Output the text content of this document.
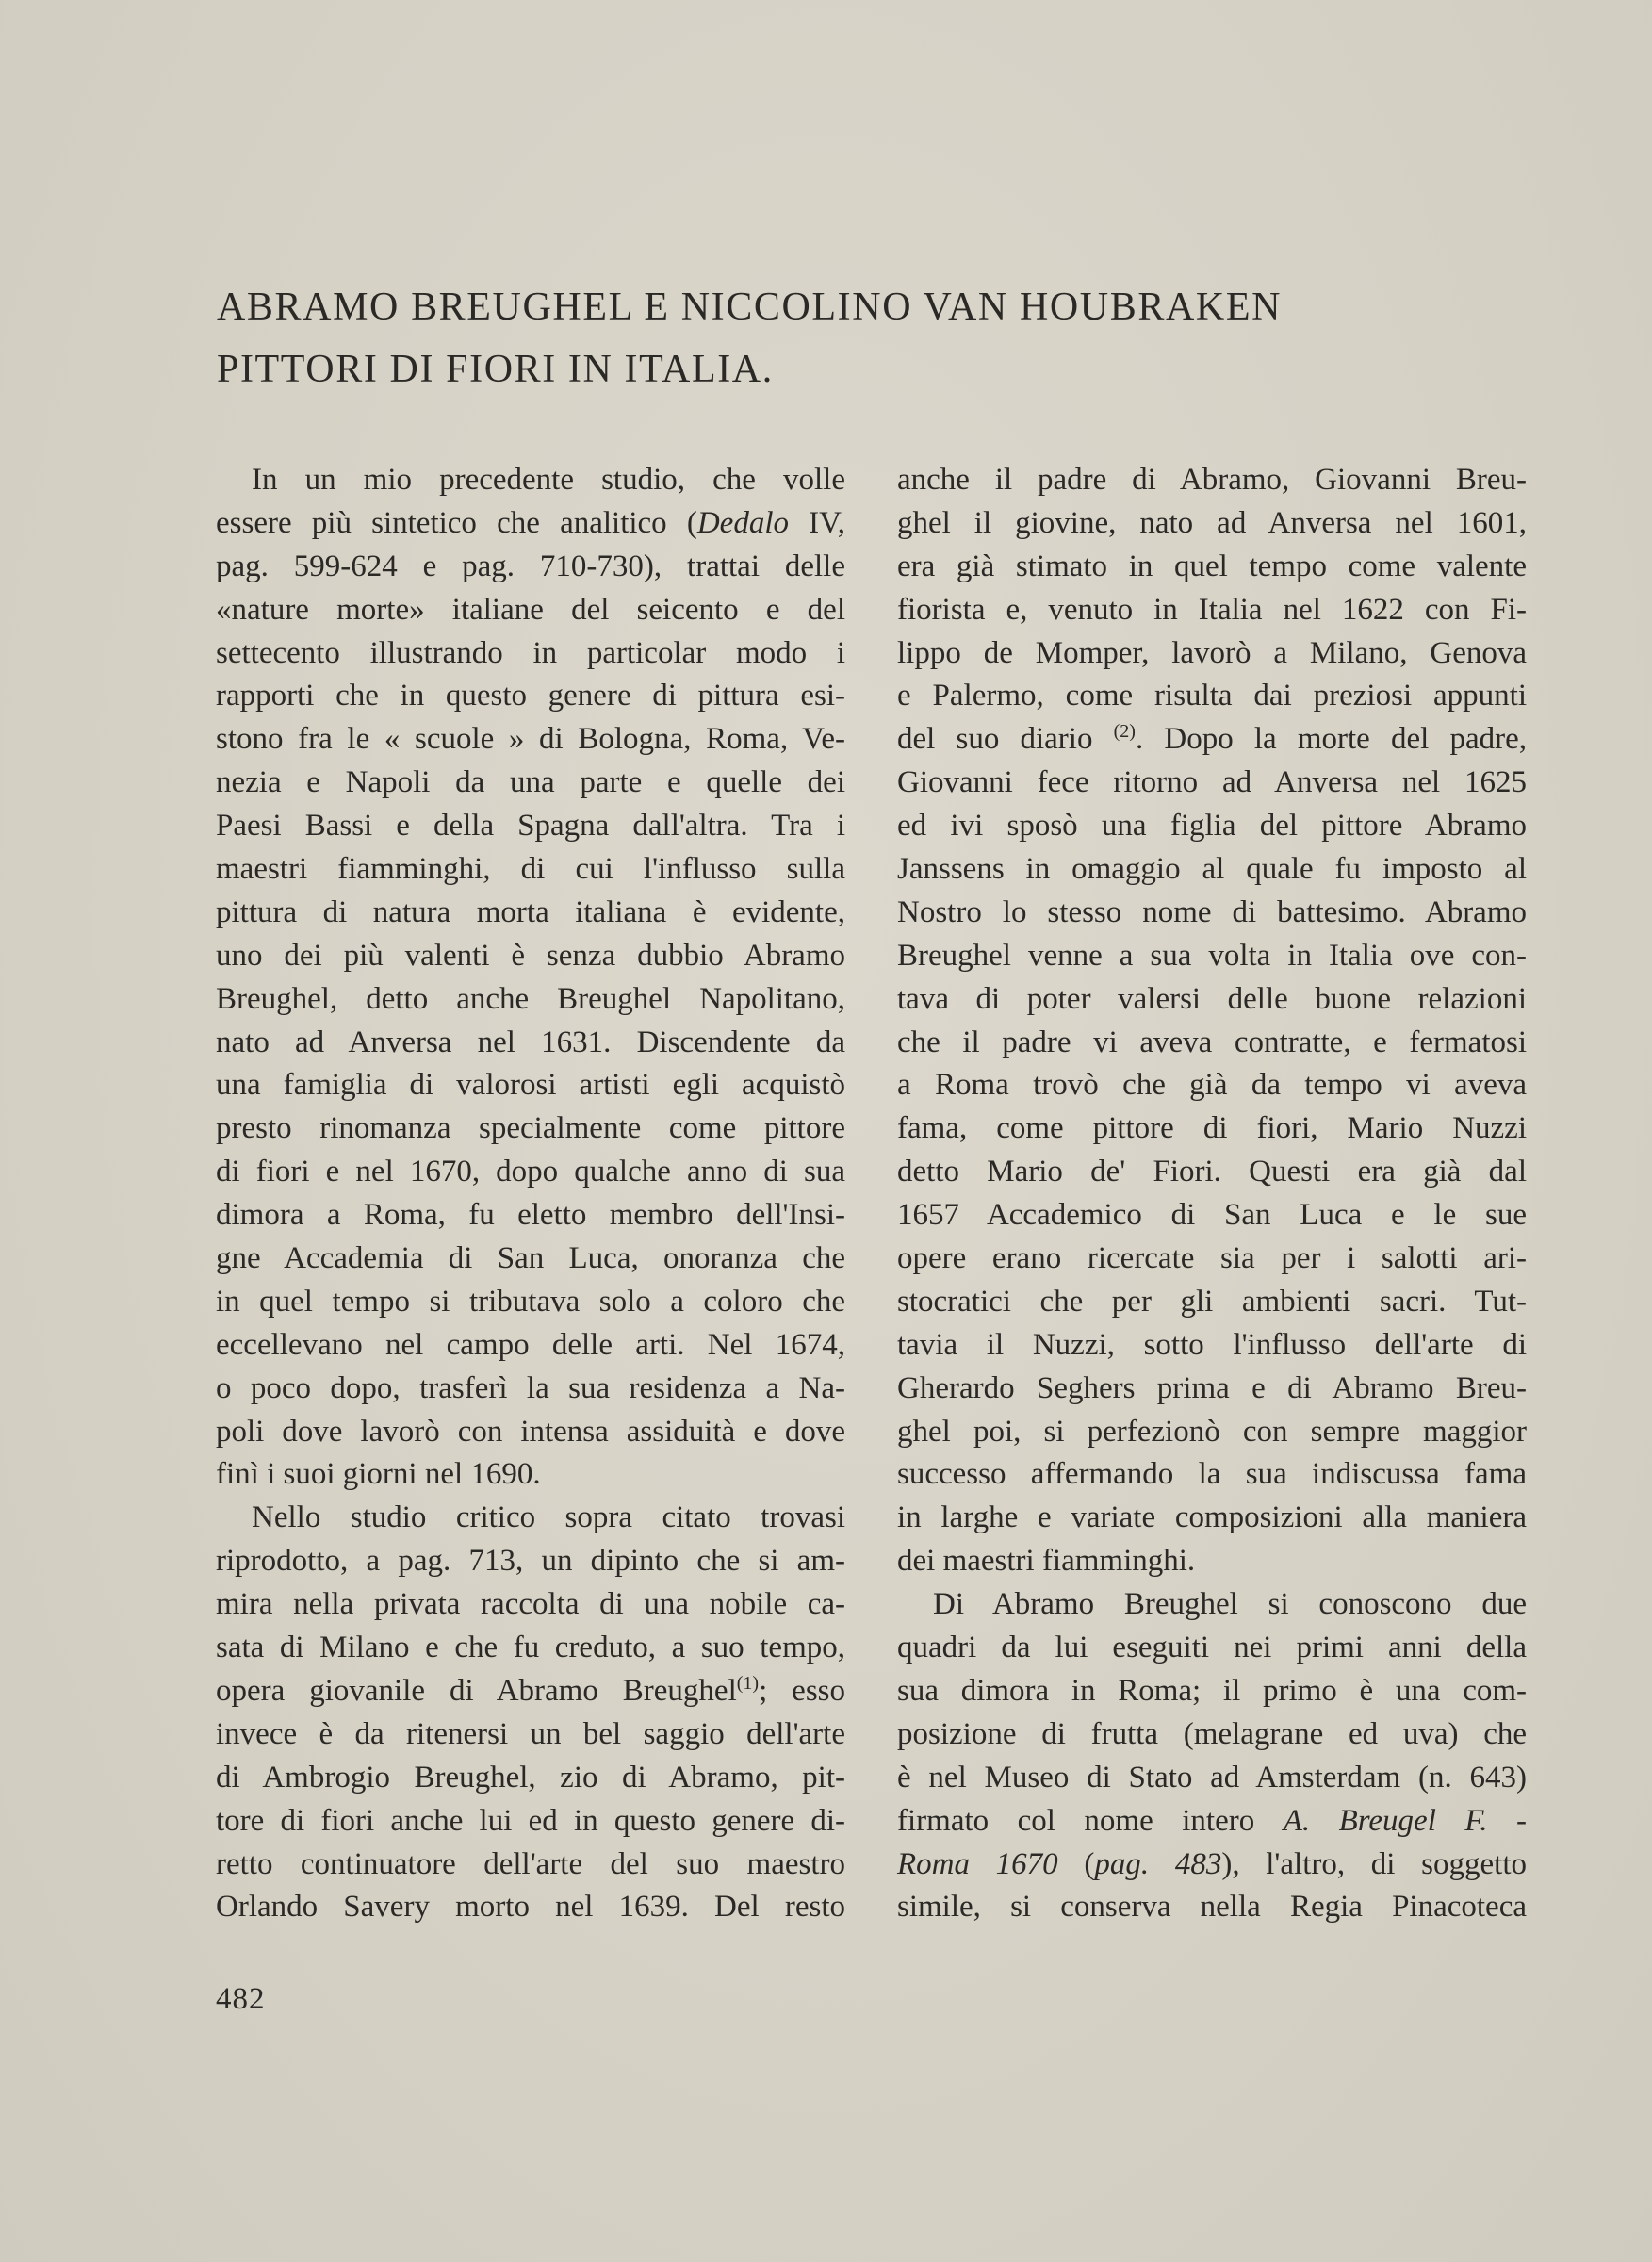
ABRAMO BREUGHEL E NICCOLINO VAN HOUBRAKEN
PITTORI DI FIORI IN ITALIA.
In un mio precedente studio, che volle
essere più sintetico che analitico (Dedalo IV,
pag. 599-624 e pag. 710-730), trattai delle
«nature morte» italiane del seicento e del
settecento illustrando in particolar modo i
rapporti che in questo genere di pittura esi-
stono fra le « scuole » di Bologna, Roma, Ve-
nezia e Napoli da una parte e quelle dei
Paesi Bassi e della Spagna dall'altra. Tra i
maestri fiamminghi, di cui l'influsso sulla
pittura di natura morta italiana è evidente,
uno dei più valenti è senza dubbio Abramo
Breughel, detto anche Breughel Napolitano,
nato ad Anversa nel 1631. Discendente da
una famiglia di valorosi artisti egli acquistò
presto rinomanza specialmente come pittore
di fiori e nel 1670, dopo qualche anno di sua
dimora a Roma, fu eletto membro dell'Insi-
gne Accademia di San Luca, onoranza che
in quel tempo si tributava solo a coloro che
eccellevano nel campo delle arti. Nel 1674,
o poco dopo, trasferì la sua residenza a Na-
poli dove lavorò con intensa assiduità e dove
finì i suoi giorni nel 1690.
Nello studio critico sopra citato trovasi
riprodotto, a pag. 713, un dipinto che si am-
mira nella privata raccolta di una nobile ca-
sata di Milano e che fu creduto, a suo tempo,
opera giovanile di Abramo Breughel$^{(1)}$; esso
invece è da ritenersi un bel saggio dell'arte
di Ambrogio Breughel, zio di Abramo, pit-
tore di fiori anche lui ed in questo genere di-
retto continuatore dell'arte del suo maestro
Orlando Savery morto nel 1639. Del resto
anche il padre di Abramo, Giovanni Breu-
ghel il giovine, nato ad Anversa nel 1601,
era già stimato in quel tempo come valente
fiorista e, venuto in Italia nel 1622 con Fi-
lippo de Momper, lavorò a Milano, Genova
e Palermo, come risulta dai preziosi appunti
del suo diario $^{(2)}$. Dopo la morte del padre,
Giovanni fece ritorno ad Anversa nel 1625
ed ivi sposò una figlia del pittore Abramo
Janssens in omaggio al quale fu imposto al
Nostro lo stesso nome di battesimo. Abramo
Breughel venne a sua volta in Italia ove con-
tava di poter valersi delle buone relazioni
che il padre vi aveva contratte, e fermatosi
a Roma trovò che già da tempo vi aveva
fama, come pittore di fiori, Mario Nuzzi
detto Mario de' Fiori. Questi era già dal
1657 Accademico di San Luca e le sue
opere erano ricercate sia per i salotti ari-
stocratici che per gli ambienti sacri. Tut-
tavia il Nuzzi, sotto l'influsso dell'arte di
Gherardo Seghers prima e di Abramo Breu-
ghel poi, si perfezionò con sempre maggior
successo affermando la sua indiscussa fama
in larghe e variate composizioni alla maniera
dei maestri fiamminghi.
Di Abramo Breughel si conoscono due
quadri da lui eseguiti nei primi anni della
sua dimora in Roma; il primo è una com-
posizione di frutta (melagrane ed uva) che
è nel Museo di Stato ad Amsterdam (n. 643)
firmato col nome intero A. Breugel F. -
Roma 1670 (pag. 483), l'altro, di soggetto
simile, si conserva nella Regia Pinacoteca
482
